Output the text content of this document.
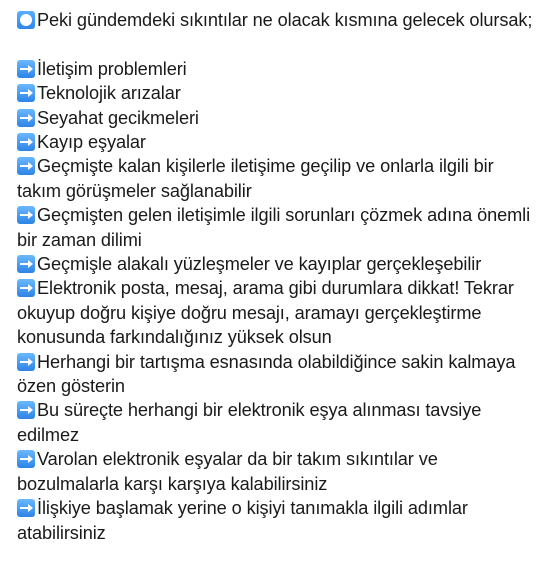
Peki gündemdeki sıkıntılar ne olacak kısmına gelecek olursak;

İletişim problemleri

Teknolojik arızalar

Seyahat gecikmeleri

Kayıp eşyalar

Geçmişte kalan kişilerle iletişime geçilip ve onlarla ilgili bir takım görüşmeler sağlanabilir

Geçmişten gelen iletişimle ilgili sorunları çözmek adına önemli bir zaman dilimi

Geçmişle alakalı yüzleşmeler ve kayıplar gerçekleşebilir

Elektronik posta, mesaj, arama gibi durumlara dikkat! Tekrar okuyup doğru kişiye doğru mesajı, aramayı gerçekleştirme konusunda farkındalığınız yüksek olsun

Herhangi bir tartışma esnasında olabildiğince sakin kalmaya özen gösterin

Bu süreçte herhangi bir elektronik eşya alınması tavsiye edilmez

Varolan elektronik eşyalar da bir takım sıkıntılar ve bozulmalarla karşı karşıya kalabilirsiniz

İlişkiye başlamak yerine o kişiyi tanımakla ilgili adımlar atabilirsiniz
